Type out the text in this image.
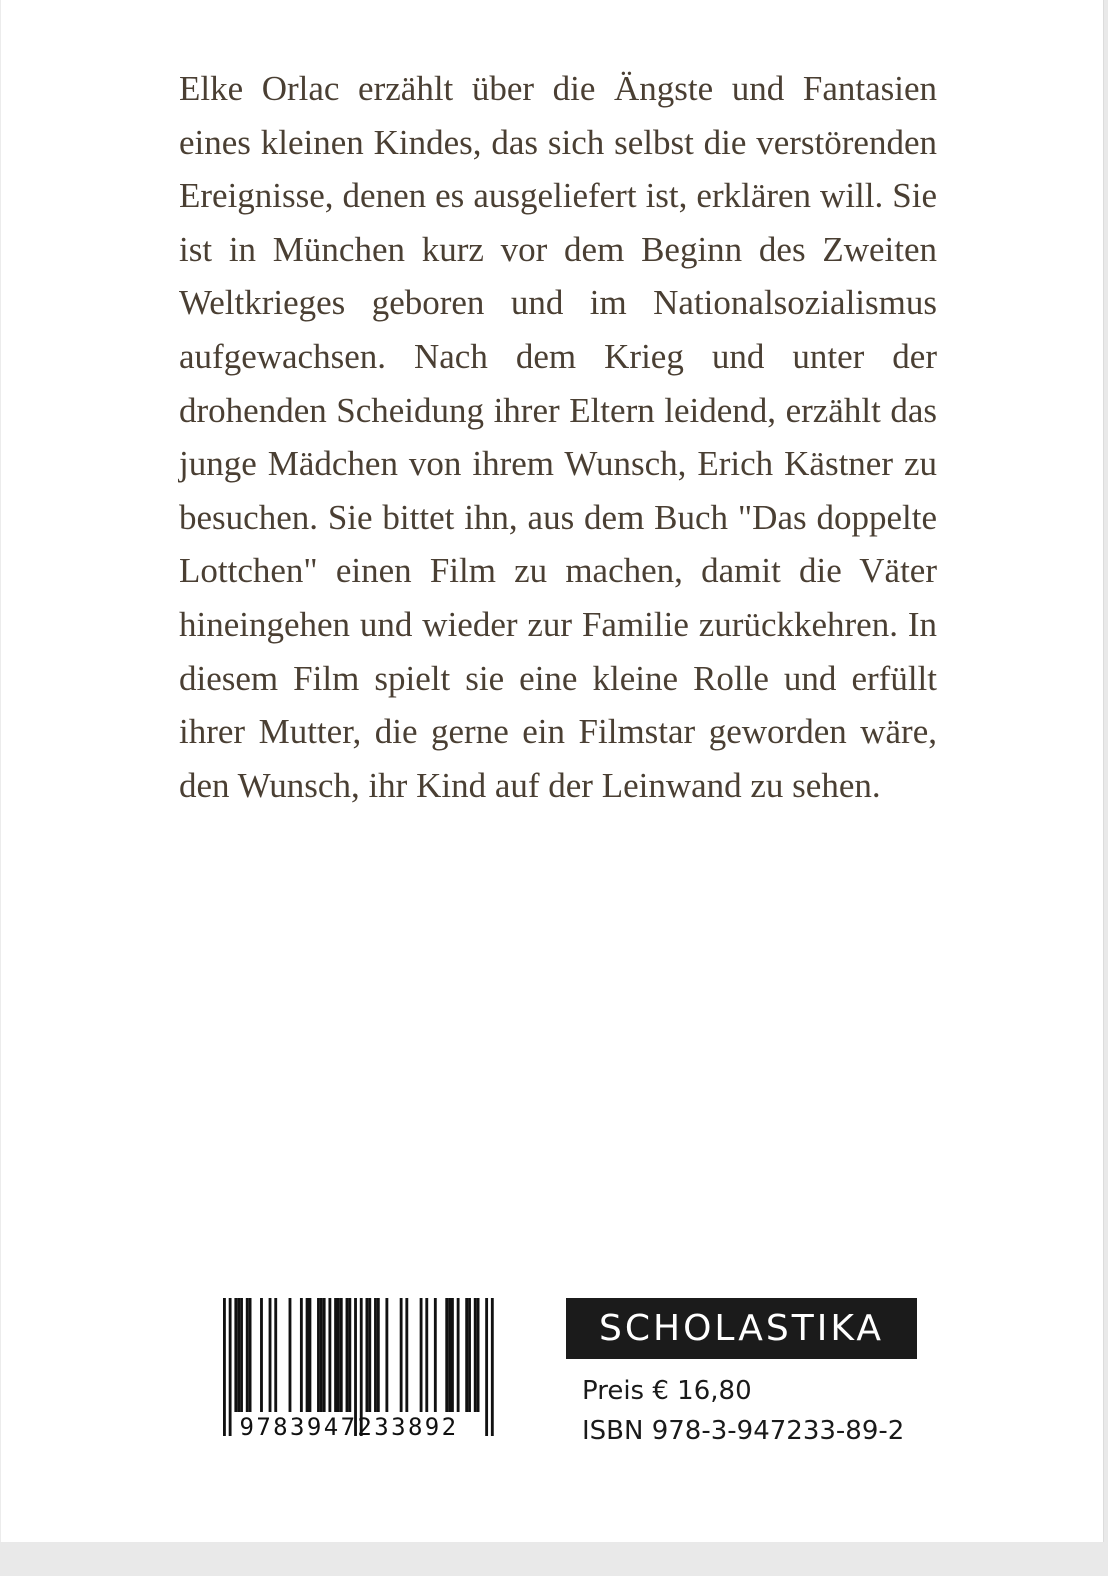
Elke Orlac erzählt über die Ängste und Fantasien eines kleinen Kindes, das sich selbst die verstörenden Ereignisse, denen es ausgeliefert ist, erklären will. Sie ist in München kurz vor dem Beginn des Zweiten Weltkrieges geboren und im Nationalsozialismus aufgewachsen. Nach dem Krieg und unter der drohenden Scheidung ihrer Eltern leidend, erzählt das junge Mädchen von ihrem Wunsch, Erich Kästner zu besuchen. Sie bittet ihn, aus dem Buch "Das doppelte Lottchen" einen Film zu machen, damit die Väter hineingehen und wieder zur Familie zurückkehren. In diesem Film spielt sie eine kleine Rolle und erfüllt ihrer Mutter, die gerne ein Filmstar geworden wäre, den Wunsch, ihr Kind auf der Leinwand zu sehen.

9783947233892
SCHOLASTIKA
Preis € 16,80
ISBN 978-3-947233-89-2
